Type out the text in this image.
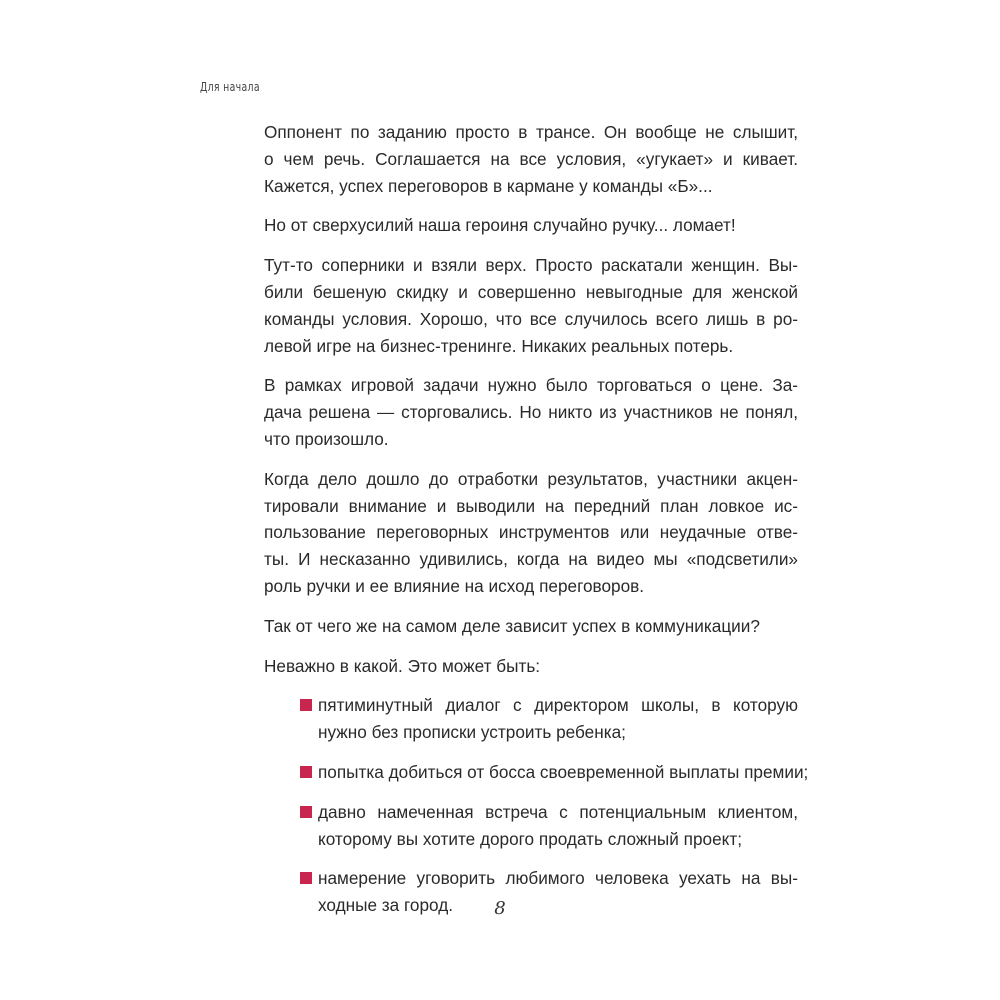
Для начала

Оппонент по заданию просто в трансе. Он вообще не слышит,
о чем речь. Соглашается на все условия, «угукает» и кивает.
Кажется, успех переговоров в кармане у команды «Б»...

Но от сверхусилий наша героиня случайно ручку... ломает!

Тут-то соперники и взяли верх. Просто раскатали женщин. Вы-
били бешеную скидку и совершенно невыгодные для женской
команды условия. Хорошо, что все случилось всего лишь в ро-
левой игре на бизнес-тренинге. Никаких реальных потерь.

В рамках игровой задачи нужно было торговаться о цене. За-
дача решена — сторговались. Но никто из участников не понял,
что произошло.

Когда дело дошло до отработки результатов, участники акцен-
тировали внимание и выводили на передний план ловкое ис-
пользование переговорных инструментов или неудачные отве-
ты. И несказанно удивились, когда на видео мы «подсветили»
роль ручки и ее влияние на исход переговоров.

Так от чего же на самом деле зависит успех в коммуникации?

Неважно в какой. Это может быть:

пятиминутный диалог с директором школы, в которую
нужно без прописки устроить ребенка;
попытка добиться от босса своевременной выплаты премии;
давно намеченная встреча с потенциальным клиентом,
которому вы хотите дорого продать сложный проект;
намерение уговорить любимого человека уехать на вы-
ходные за город.	8
